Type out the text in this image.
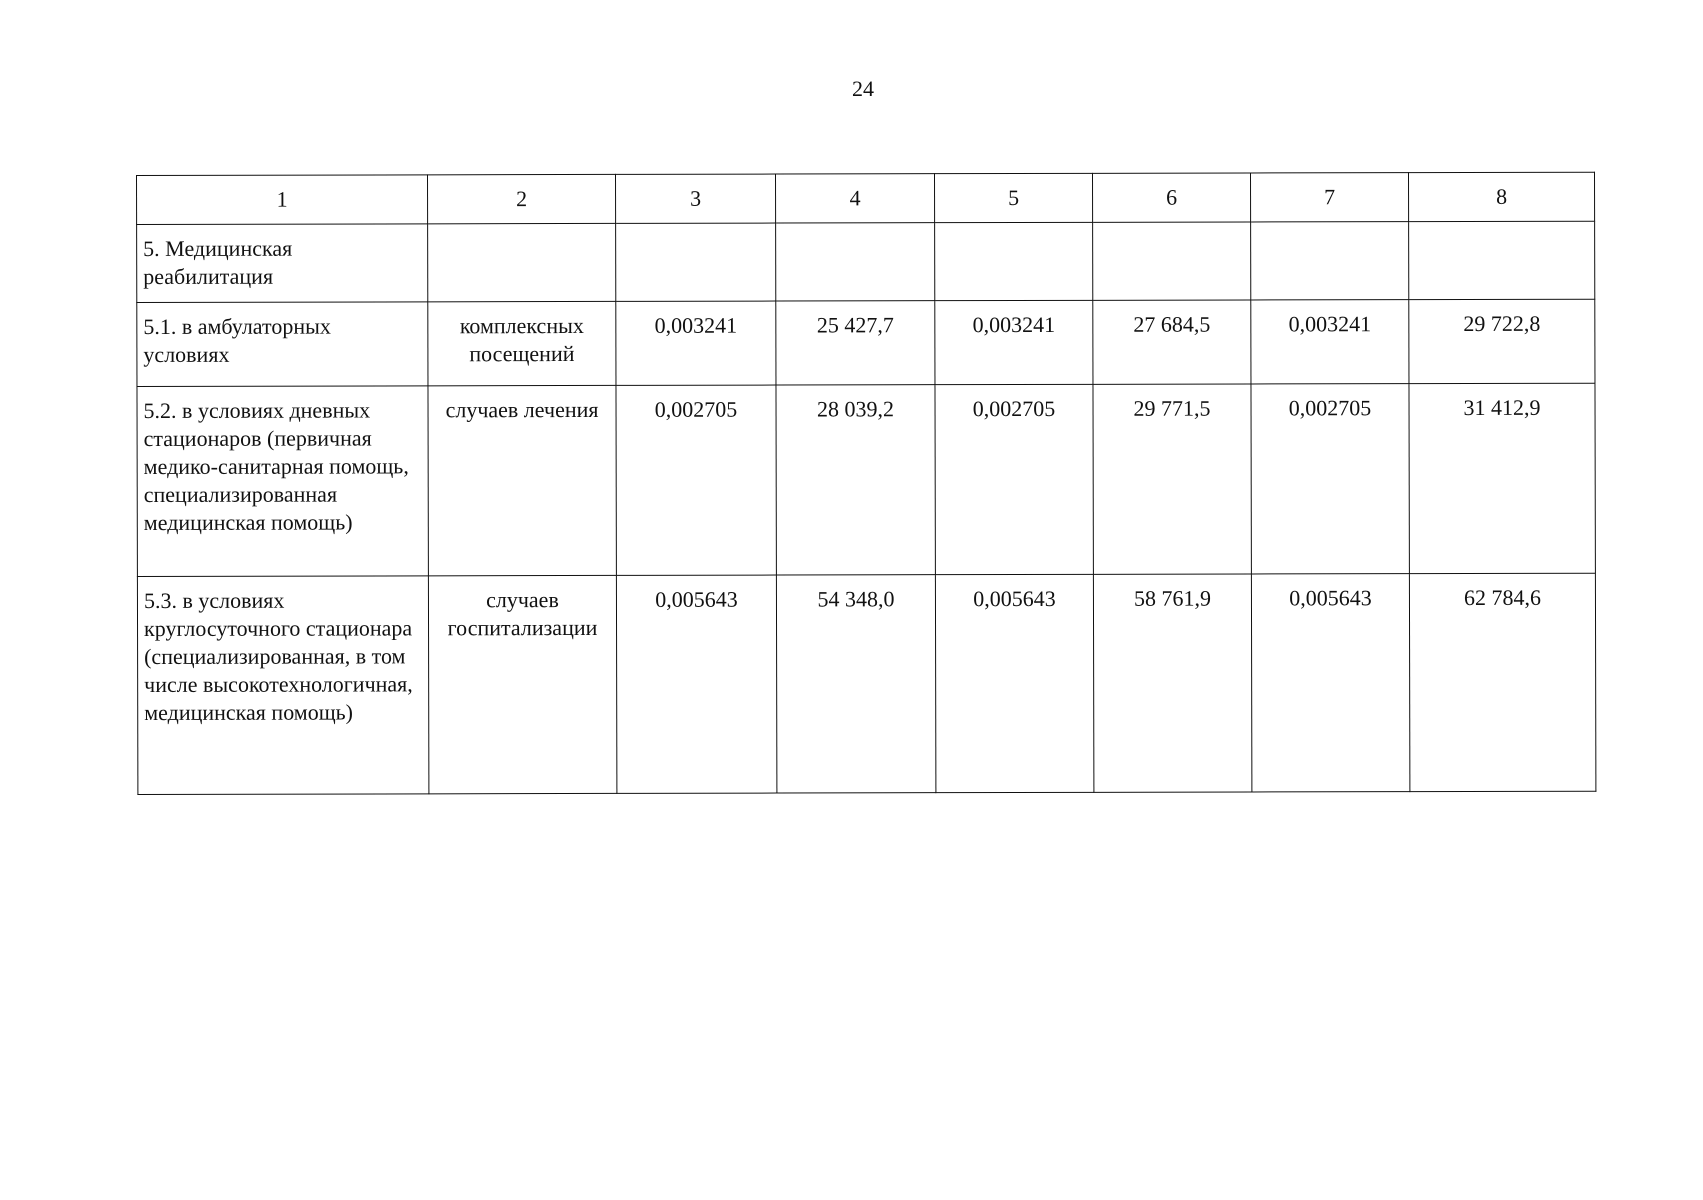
24
1	2	3	4	5	6	7	8
5. Медицинская реабилитация							
5.1. в амбулаторных условиях	комплексных посещений	0,003241	25 427,7	0,003241	27 684,5	0,003241	29 722,8
5.2. в условиях дневных стационаров (первичная медико-санитарная помощь, специализированная медицинская помощь)	случаев лечения	0,002705	28 039,2	0,002705	29 771,5	0,002705	31 412,9
5.3. в условиях круглосуточного стационара (специализированная, в том числе высокотехнологичная, медицинская помощь)	случаев госпитализации	0,005643	54 348,0	0,005643	58 761,9	0,005643	62 784,6
